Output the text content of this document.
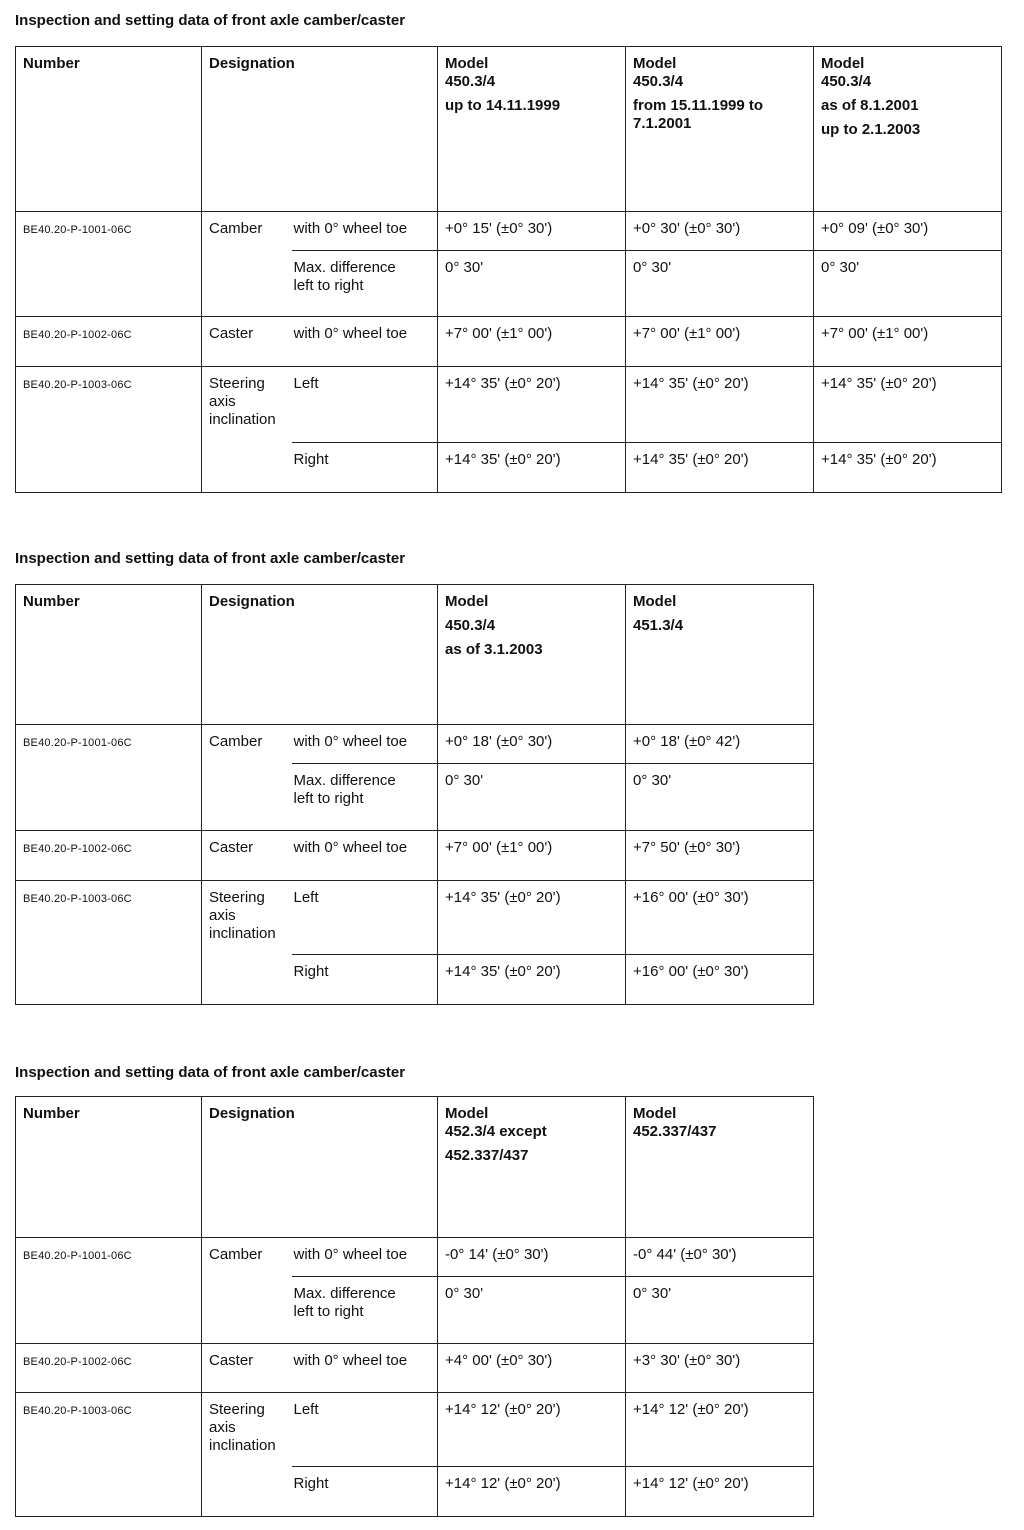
Inspection and setting data of front axle camber/caster
Number	Designation		Model
450.3/4
up to 14.11.1999	Model
450.3/4
from 15.11.1999 to
7.1.2001	Model
450.3/4
as of 8.1.2001
up to 2.1.2003

BE40.20-P-1001-06C	Camber	with 0° wheel toe	+0° 15' (±0° 30')	+0° 30' (±0° 30')	+0° 09' (±0° 30')

		Max. difference
left to right	0° 30'	0° 30'	0° 30'

BE40.20-P-1002-06C	Caster	with 0° wheel toe	+7° 00' (±1° 00')	+7° 00' (±1° 00')	+7° 00' (±1° 00')

BE40.20-P-1003-06C	Steering
axis
inclination	Left	+14° 35' (±0° 20')	+14° 35' (±0° 20')	+14° 35' (±0° 20')
		Right	+14° 35' (±0° 20')	+14° 35' (±0° 20')	+14° 35' (±0° 20')
Inspection and setting data of front axle camber/caster
Number	Designation		Model
450.3/4
as of 3.1.2003	Model
451.3/4

BE40.20-P-1001-06C	Camber	with 0° wheel toe	+0° 18' (±0° 30')	+0° 18' (±0° 42')

		Max. difference
left to right	0° 30'	0° 30'

BE40.20-P-1002-06C	Caster	with 0° wheel toe	+7° 00' (±1° 00')	+7° 50' (±0° 30')

BE40.20-P-1003-06C	Steering
axis
inclination	Left	+14° 35' (±0° 20')	+16° 00' (±0° 30')
		Right	+14° 35' (±0° 20')	+16° 00' (±0° 30')
Inspection and setting data of front axle camber/caster
Number	Designation		Model
452.3/4 except
452.337/437	Model
452.337/437

BE40.20-P-1001-06C	Camber	with 0° wheel toe	-0° 14' (±0° 30')	-0° 44' (±0° 30')

		Max. difference
left to right	0° 30'	0° 30'

BE40.20-P-1002-06C	Caster	with 0° wheel toe	+4° 00' (±0° 30')	+3° 30' (±0° 30')

BE40.20-P-1003-06C	Steering
axis
inclination	Left	+14° 12' (±0° 20')	+14° 12' (±0° 20')
		Right	+14° 12' (±0° 20')	+14° 12' (±0° 20')
